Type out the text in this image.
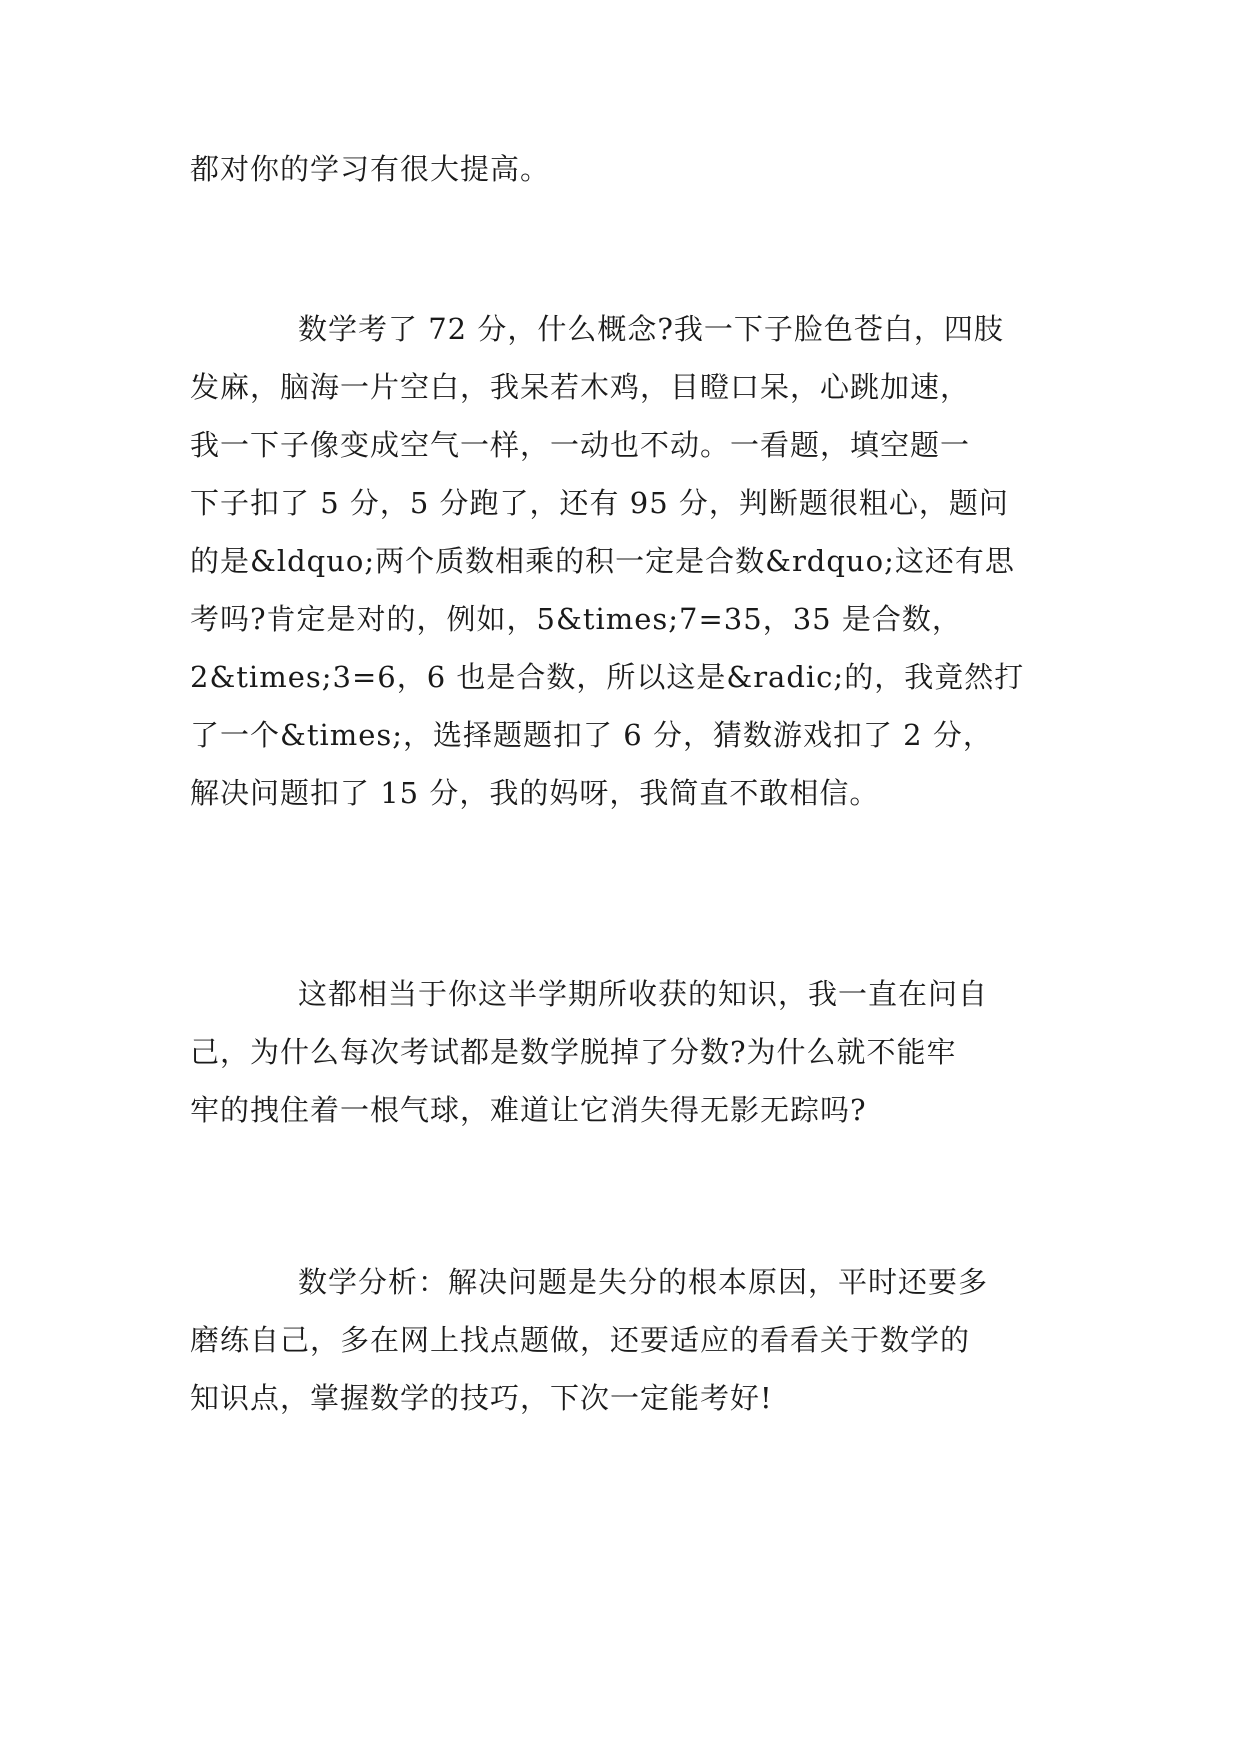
都对你的学习有很大提高。
数学考了 72 分，什么概念?我一下子脸色苍白，四肢
发麻，脑海一片空白，我呆若木鸡，目瞪口呆，心跳加速，
我一下子像变成空气一样，一动也不动。一看题，填空题一
下子扣了 5 分，5 分跑了，还有 95 分，判断题很粗心，题问
的是&ldquo;两个质数相乘的积一定是合数&rdquo;这还有思
考吗?肯定是对的，例如，5&times;7=35，35 是合数，
2&times;3=6，6 也是合数，所以这是&radic;的，我竟然打
了一个&times;，选择题题扣了 6 分，猜数游戏扣了 2 分，
解决问题扣了 15 分，我的妈呀，我简直不敢相信。
这都相当于你这半学期所收获的知识，我一直在问自
己，为什么每次考试都是数学脱掉了分数?为什么就不能牢
牢的拽住着一根气球，难道让它消失得无影无踪吗?
数学分析：解决问题是失分的根本原因，平时还要多
磨练自己，多在网上找点题做，还要适应的看看关于数学的
知识点，掌握数学的技巧，下次一定能考好!
